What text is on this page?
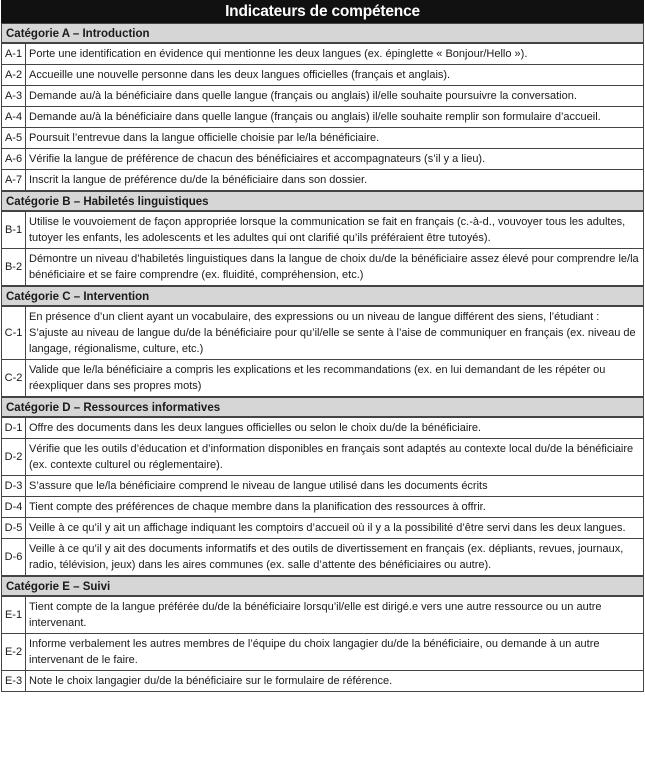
Indicateurs de compétence
Catégorie A – Introduction
A-1	Porte une identification en évidence qui mentionne les deux langues (ex. épinglette « Bonjour/Hello »).
A-2	Accueille une nouvelle personne dans les deux langues officielles (français et anglais).
A-3	Demande au/à la bénéficiaire dans quelle langue (français ou anglais) il/elle souhaite poursuivre la conversation.
A-4	Demande au/à la bénéficiaire dans quelle langue (français ou anglais) il/elle souhaite remplir son formulaire d’accueil.
A-5	Poursuit l’entrevue dans la langue officielle choisie par le/la bénéficiaire.
A-6	Vérifie la langue de préférence de chacun des bénéficiaires et accompagnateurs (s’il y a lieu).
A-7	Inscrit la langue de préférence du/de la bénéficiaire dans son dossier.
Catégorie B – Habiletés linguistiques
B-1	Utilise le vouvoiement de façon appropriée lorsque la communication se fait en français (c.-à-d., vouvoyer tous les adultes, tutoyer les enfants, les adolescents et les adultes qui ont clarifié qu’ils préféraient être tutoyés).
B-2	Démontre un niveau d’habiletés linguistiques dans la langue de choix du/de la bénéficiaire assez élevé pour comprendre le/la bénéficiaire et se faire comprendre (ex. fluidité, compréhension, etc.)
Catégorie C – Intervention
C-1	En présence d’un client ayant un vocabulaire, des expressions ou un niveau de langue différent des siens, l’étudiant : S’ajuste au niveau de langue du/de la bénéficiaire pour qu’il/elle se sente à l’aise de communiquer en français (ex. niveau de langage, régionalisme, culture, etc.)
C-2	Valide que le/la bénéficiaire a compris les explications et les recommandations (ex. en lui demandant de les répéter ou réexpliquer dans ses propres mots)
Catégorie D – Ressources informatives
D-1	Offre des documents dans les deux langues officielles ou selon le choix du/de la bénéficiaire.
D-2	Vérifie que les outils d’éducation et d’information disponibles en français sont adaptés au contexte local du/de la bénéficiaire (ex. contexte culturel ou réglementaire).
D-3	S’assure que le/la bénéficiaire comprend le niveau de langue utilisé dans les documents écrits
D-4	Tient compte des préférences de chaque membre dans la planification des ressources à offrir.
D-5	Veille à ce qu’il y ait un affichage indiquant les comptoirs d’accueil où il y a la possibilité d’être servi dans les deux langues.
D-6	Veille à ce qu’il y ait des documents informatifs et des outils de divertissement en français (ex. dépliants, revues, journaux, radio, télévision, jeux) dans les aires communes (ex. salle d’attente des bénéficiaires ou autre).
Catégorie E – Suivi
E-1	Tient compte de la langue préférée du/de la bénéficiaire lorsqu’il/elle est dirigé.e vers une autre ressource ou un autre intervenant.
E-2	Informe verbalement les autres membres de l’équipe du choix langagier du/de la bénéficiaire, ou demande à un autre intervenant de le faire.
E-3	Note le choix langagier du/de la bénéficiaire sur le formulaire de référence.
